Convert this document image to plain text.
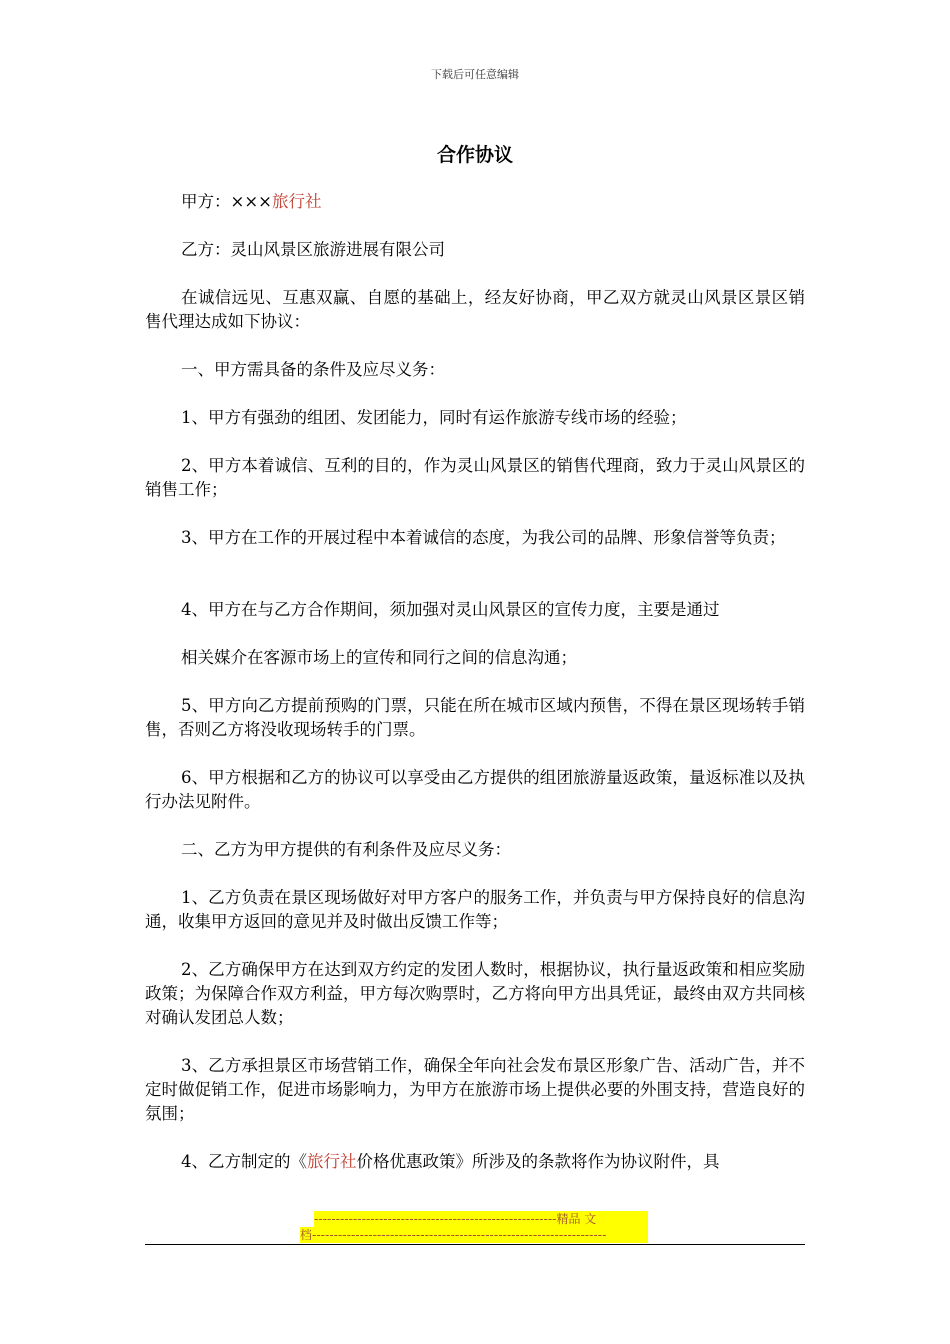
下载后可任意编辑
合作协议

甲方：×××旅行社

乙方：灵山风景区旅游进展有限公司

在诚信远见、互惠双赢、自愿的基础上，经友好协商，甲乙双方就灵山风景区景区销售代理达成如下协议：

一、甲方需具备的条件及应尽义务：

1、甲方有强劲的组团、发团能力，同时有运作旅游专线市场的经验；

2、甲方本着诚信、互利的目的，作为灵山风景区的销售代理商，致力于灵山风景区的销售工作；

3、甲方在工作的开展过程中本着诚信的态度，为我公司的品牌、形象信誉等负责；

4、甲方在与乙方合作期间，须加强对灵山风景区的宣传力度，主要是通过

相关媒介在客源市场上的宣传和同行之间的信息沟通；

5、甲方向乙方提前预购的门票，只能在所在城市区域内预售，不得在景区现场转手销售，否则乙方将没收现场转手的门票。

6、甲方根据和乙方的协议可以享受由乙方提供的组团旅游量返政策，量返标准以及执行办法见附件。

二、乙方为甲方提供的有利条件及应尽义务：

1、乙方负责在景区现场做好对甲方客户的服务工作，并负责与甲方保持良好的信息沟通，收集甲方返回的意见并及时做出反馈工作等；

2、乙方确保甲方在达到双方约定的发团人数时，根据协议，执行量返政策和相应奖励政策；为保障合作双方利益，甲方每次购票时，乙方将向甲方出具凭证，最终由双方共同核对确认发团总人数；

3、乙方承担景区市场营销工作，确保全年向社会发布景区形象广告、活动广告，并不定时做促销工作，促进市场影响力，为甲方在旅游市场上提供必要的外围支持，营造良好的氛围；

4、乙方制定的《旅行社价格优惠政策》所涉及的条款将作为协议附件，具

--------------------------------------------------------精品 文
档--------------------------------------------------------------------
